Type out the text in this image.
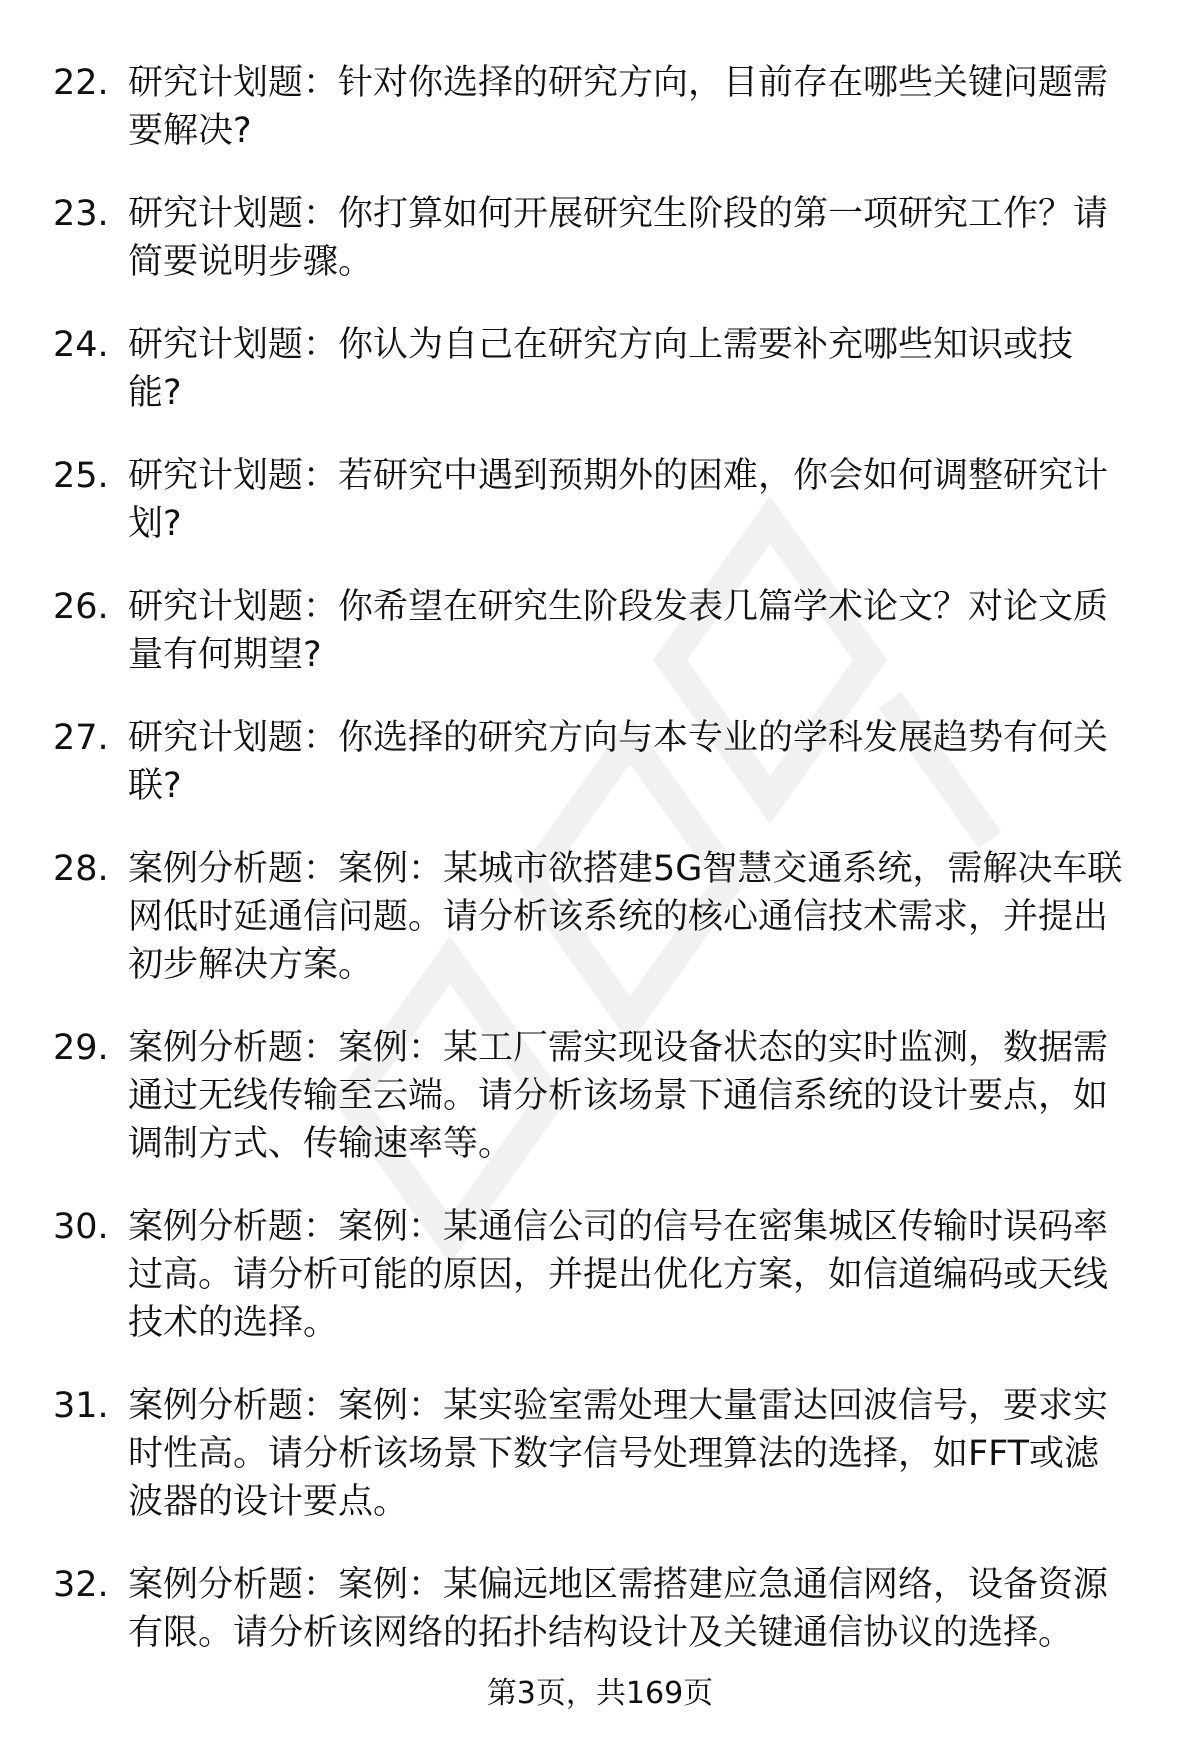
22. 研究计划题：针对你选择的研究方向，目前存在哪些关键问题需
要解决?
23. 研究计划题：你打算如何开展研究生阶段的第一项研究工作？请
简要说明步骤。
24. 研究计划题：你认为自己在研究方向上需要补充哪些知识或技
能?
25. 研究计划题：若研究中遇到预期外的困难，你会如何调整研究计
划?
26. 研究计划题：你希望在研究生阶段发表几篇学术论文？对论文质
量有何期望?
27. 研究计划题：你选择的研究方向与本专业的学科发展趋势有何关
联?
28. 案例分析题：案例：某城市欲搭建5G智慧交通系统，需解决车联
网低时延通信问题。请分析该系统的核心通信技术需求，并提出
初步解决方案。
29. 案例分析题：案例：某工厂需实现设备状态的实时监测，数据需
通过无线传输至云端。请分析该场景下通信系统的设计要点，如
调制方式、传输速率等。
30. 案例分析题：案例：某通信公司的信号在密集城区传输时误码率
过高。请分析可能的原因，并提出优化方案，如信道编码或天线
技术的选择。
31. 案例分析题：案例：某实验室需处理大量雷达回波信号，要求实
时性高。请分析该场景下数字信号处理算法的选择，如FFT或滤
波器的设计要点。
32. 案例分析题：案例：某偏远地区需搭建应急通信网络，设备资源
有限。请分析该网络的拓扑结构设计及关键通信协议的选择。
第3页，共169页
